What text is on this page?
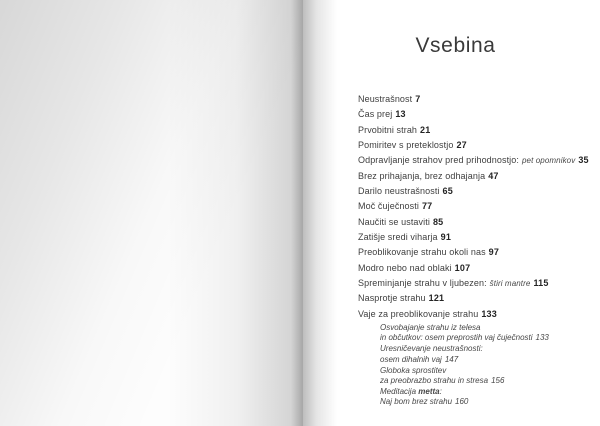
Vsebina
Neustrašnost 7
Čas prej 13
Prvobitni strah 21
Pomiritev s preteklostjo 27
Odpravljanje strahov pred prihodnostjo: pet opomnikov 35
Brez prihajanja, brez odhajanja 47
Darilo neustrašnosti 65
Moč čuječnosti 77
Naučiti se ustaviti 85
Zatišje sredi viharja 91
Preoblikovanje strahu okoli nas 97
Modro nebo nad oblaki 107
Spreminjanje strahu v ljubezen: štiri mantre 115
Nasprotje strahu 121
Vaje za preoblikovanje strahu 133
Osvobajanje strahu iz telesa
in občutkov: osem preprostih vaj čuječnosti 133
Uresničevanje neustrašnosti:
osem dihalnih vaj 147
Globoka sprostitev
za preobrazbo strahu in stresa 156
Meditacija metta:
Naj bom brez strahu 160
